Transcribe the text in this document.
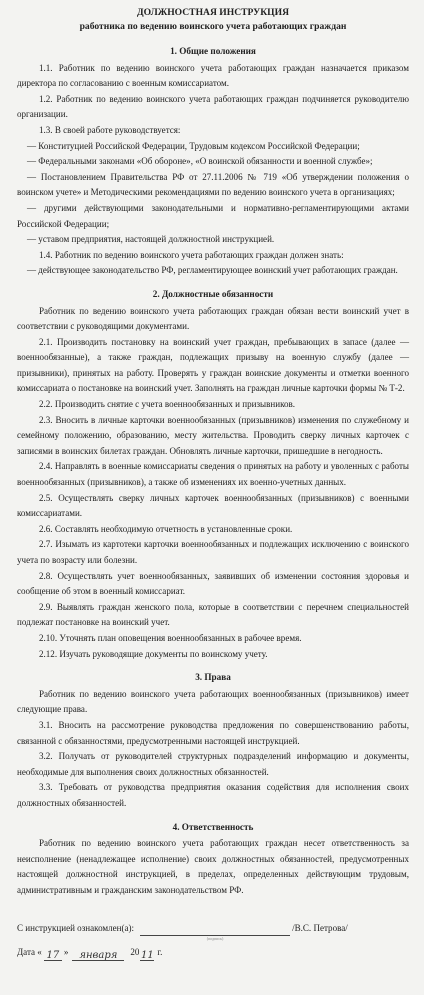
ДОЛЖНОСТНАЯ ИНСТРУКЦИЯ
работника по ведению воинского учета работающих граждан
1. Общие положения

1.1. Работник по ведению воинского учета работающих граждан назначается приказом директора по согласованию с военным комиссариатом.

1.2. Работник по ведению воинского учета работающих граждан подчиняется руководителю организации.

1.3. В своей работе руководствуется:

— Конституцией Российской Федерации, Трудовым кодексом Российской Федерации;

— Федеральными законами «Об обороне», «О воинской обязанности и военной службе»;

— Постановлением Правительства РФ от 27.11.2006 № 719 «Об утверждении положения о воинском учете» и Методическими рекомендациями по ведению воинского учета в организациях;

— другими действующими законодательными и нормативно-регламентирующими актами Российской Федерации;

— уставом предприятия, настоящей должностной инструкцией.

1.4. Работник по ведению воинского учета работающих граждан должен знать:

— действующее законодательство РФ, регламентирующее воинский учет работающих граждан.

2. Должностные обязанности

Работник по ведению воинского учета работающих граждан обязан вести воинский учет в соответствии с руководящими документами.

2.1. Производить постановку на воинский учет граждан, пребывающих в запасе (далее — военнообязанные), а также граждан, подлежащих призыву на военную службу (далее — призывники), принятых на работу. Проверять у граждан воинские документы и отметки военного комиссариата о постановке на воинский учет. Заполнять на граждан личные карточки формы № Т-2.

2.2. Производить снятие с учета военнообязанных и призывников.

2.3. Вносить в личные карточки военнообязанных (призывников) изменения по служебному и семейному положению, образованию, месту жительства. Проводить сверку личных карточек с записями в воинских билетах граждан. Обновлять личные карточки, пришедшие в негодность.

2.4. Направлять в военные комиссариаты сведения о принятых на работу и уволенных с работы военнообязанных (призывников), а также об изменениях их военно-учетных данных.

2.5. Осуществлять сверку личных карточек военнообязанных (призывников) с военными комиссариатами.

2.6. Составлять необходимую отчетность в установленные сроки.

2.7. Изымать из картотеки карточки военнообязанных и подлежащих исключению с воинского учета по возрасту или болезни.

2.8. Осуществлять учет военнообязанных, заявивших об изменении состояния здоровья и сообщение об этом в военный комиссариат.

2.9. Выявлять граждан женского пола, которые в соответствии с перечнем специальностей подлежат постановке на воинский учет.

2.10. Уточнять план оповещения военнообязанных в рабочее время.

2.12. Изучать руководящие документы по воинскому учету.

3. Права

Работник по ведению воинского учета работающих военнообязанных (призывников) имеет следующие права.

3.1. Вносить на рассмотрение руководства предложения по совершенствованию работы, связанной с обязанностями, предусмотренными настоящей инструкцией.

3.2. Получать от руководителей структурных подразделений информацию и документы, необходимые для выполнения своих должностных обязанностей.

3.3. Требовать от руководства предприятия оказания содействия для исполнения своих должностных обязанностей.

4. Ответственность

Работник по ведению воинского учета работающих граждан несет ответственность за неисполнение (ненадлежащее исполнение) своих должностных обязанностей, предусмотренных настоящей должностной инструкцией, в пределах, определенных действующим трудовым, административным и гражданским законодательством РФ.

С инструкцией ознакомлен(а):
(подпись)
/В.С. Петрова/
Дата « 17 »	января	20 11 г.
